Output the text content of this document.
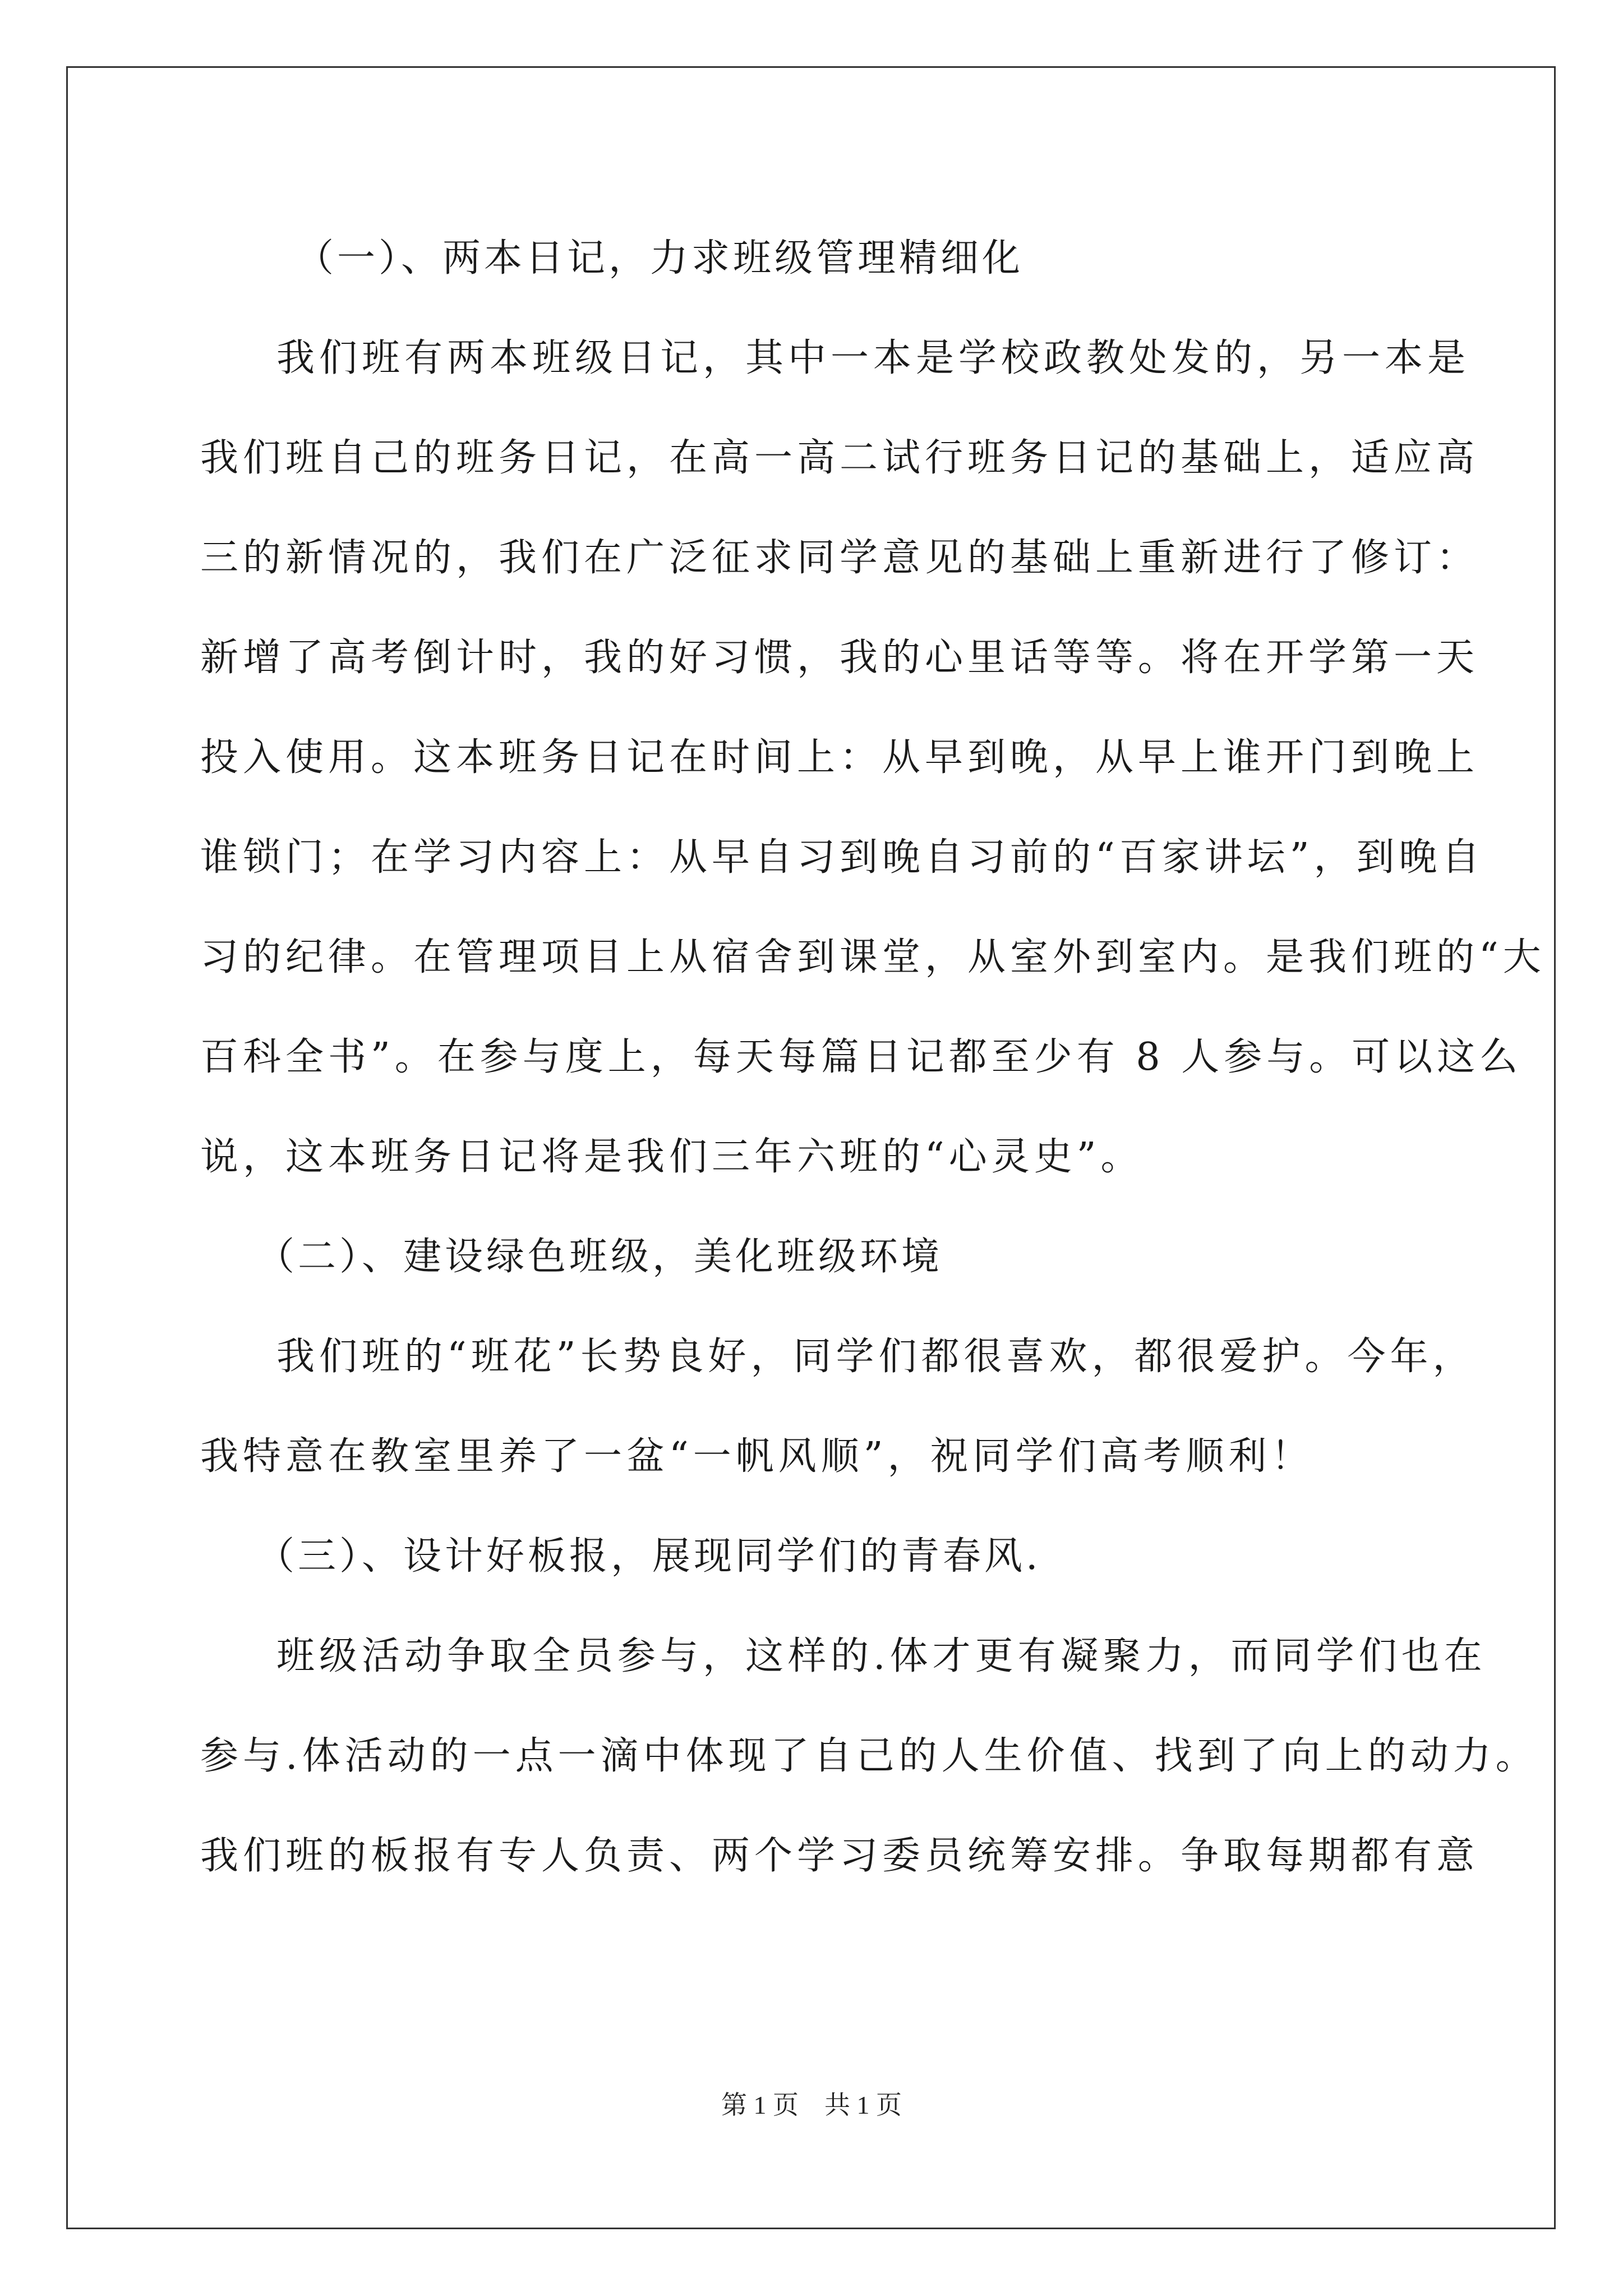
（一）、两本日记，力求班级管理精细化
我们班有两本班级日记，其中一本是学校政教处发的，另一本是
我们班自己的班务日记，在高一高二试行班务日记的基础上，适应高
三的新情况的，我们在广泛征求同学意见的基础上重新进行了修订：
新增了高考倒计时，我的好习惯，我的心里话等等。将在开学第一天
投入使用。这本班务日记在时间上：从早到晚，从早上谁开门到晚上
谁锁门；在学习内容上：从早自习到晚自习前的“百家讲坛”，到晚自
习的纪律。在管理项目上从宿舍到课堂，从室外到室内。是我们班的“大
百科全书”。在参与度上，每天每篇日记都至少有 8 人参与。可以这么
说，这本班务日记将是我们三年六班的“心灵史”。
（二）、建设绿色班级，美化班级环境
我们班的“班花”长势良好，同学们都很喜欢，都很爱护。今年，
我特意在教室里养了一盆“一帆风顺”，祝同学们高考顺利！
（三）、设计好板报，展现同学们的青春风.
班级活动争取全员参与，这样的.体才更有凝聚力，而同学们也在
参与.体活动的一点一滴中体现了自己的人生价值、找到了向上的动力。
我们班的板报有专人负责、两个学习委员统筹安排。争取每期都有意
第 1 页　共 1 页
